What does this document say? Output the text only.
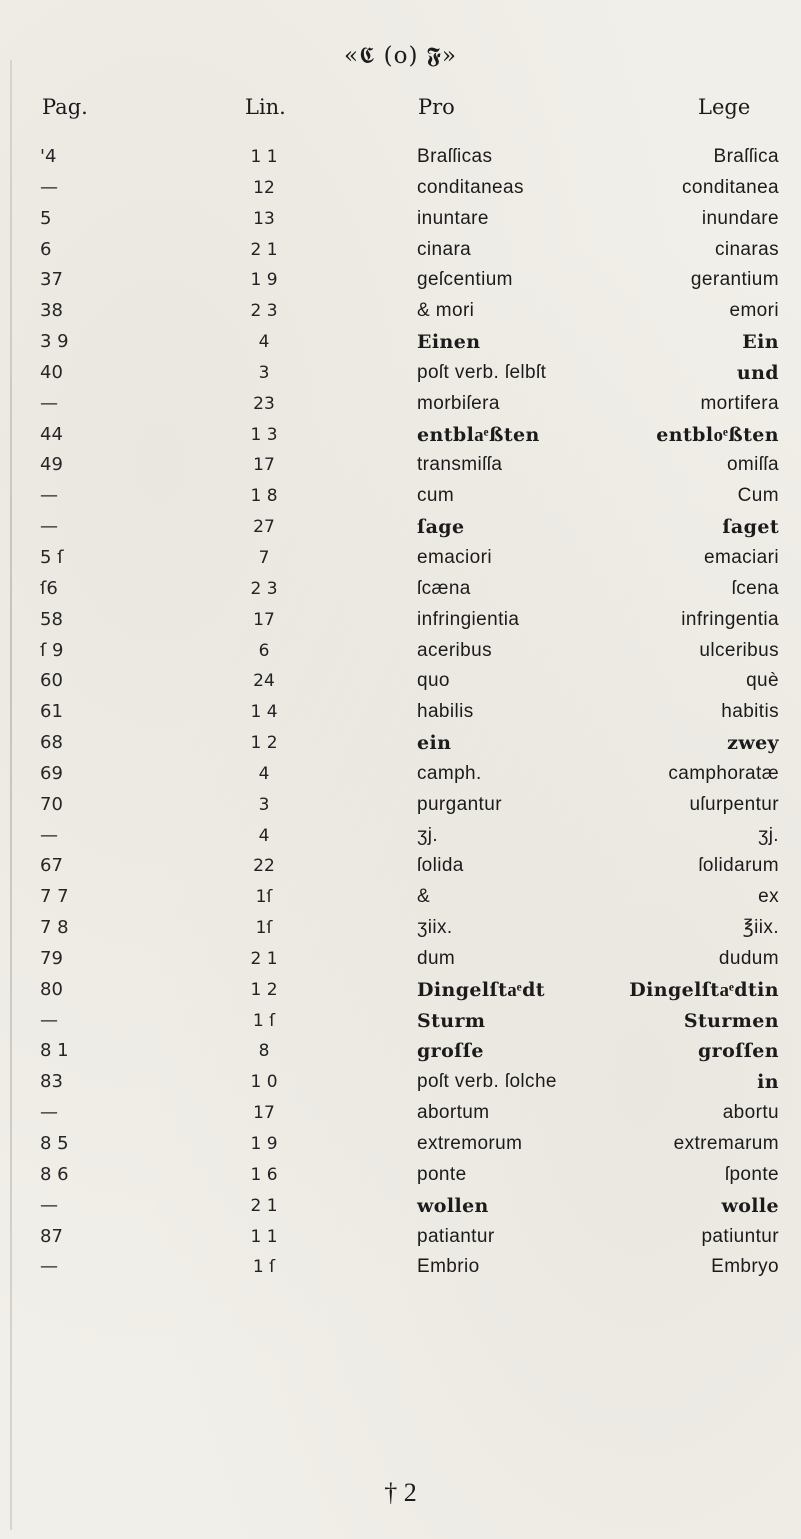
«𝕮 (o) 𝕱»
Pag.	Lin.	Pro	Lege
'4	1 1	Braſſicas	Braſſica
—	12	conditaneas	conditanea
5	13	inuntare	inundare
6	2 1	cinara	cinaras
37	1 9	geſcentium	gerantium
38	2 3	& mori	emori
3 9	4	Einen	Ein
40	3	poſt verb. ſelbſt	und
—	23	morbiſera	mortifera
44	1 3	entblaͤßten	entbloͤßten
49	17	transmiſſa	omiſſa
—	1 8	cum	Cum
—	27	ſage	ſaget
5 ſ	7	emaciori	emaciari
ſ6	2 3	ſcæna	ſcena
58	17	infringientia	infringentia
ſ 9	6	aceribus	ulceribus
60	24	quo	què
61	1 4	habilis	habitis
68	1 2	ein	zwey
69	4	camph.	camphoratæ
70	3	purgantur	uſurpentur
—	4	ʒj.	ʒj.
67	22	ſolida	ſolidarum
7 7	1ſ	&	ex
7 8	1ſ	ʒiix.	℥iix.
79	2 1	dum	dudum
80	1 2	Dingelſtaͤdt	Dingelſtaͤdtin
—	1 ſ	Sturm	Sturmen
8 1	8	groſſe	groſſen
83	1 0	poſt verb. ſolche	in
—	17	abortum	abortu
8 5	1 9	extremorum	extremarum
8 6	1 6	ponte	ſponte
—	2 1	wollen	wolle
87	1 1	patiantur	patiuntur
—	1 ſ	Embrio	Embryo
† 2
